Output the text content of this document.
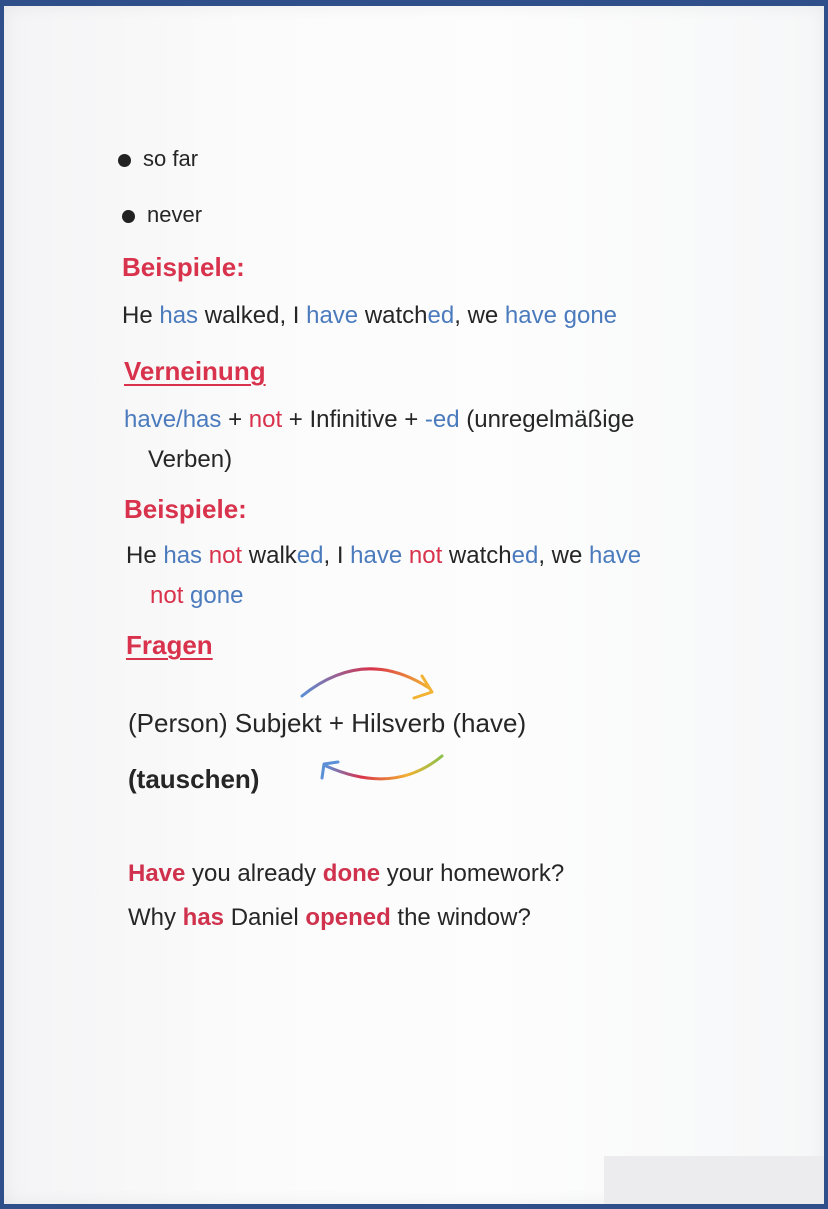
so far
never
Beispiele:
He has walked, I have watched, we have gone
Verneinung
have/has + not + Infinitive + -ed (unregelmäßige
Verben)
Beispiele:
He has not walked, I have not watched, we have
not gone
Fragen
(Person) Subjekt + Hilsverb (have)
(tauschen)
Have you already done your homework?
Why has Daniel opened the window?
